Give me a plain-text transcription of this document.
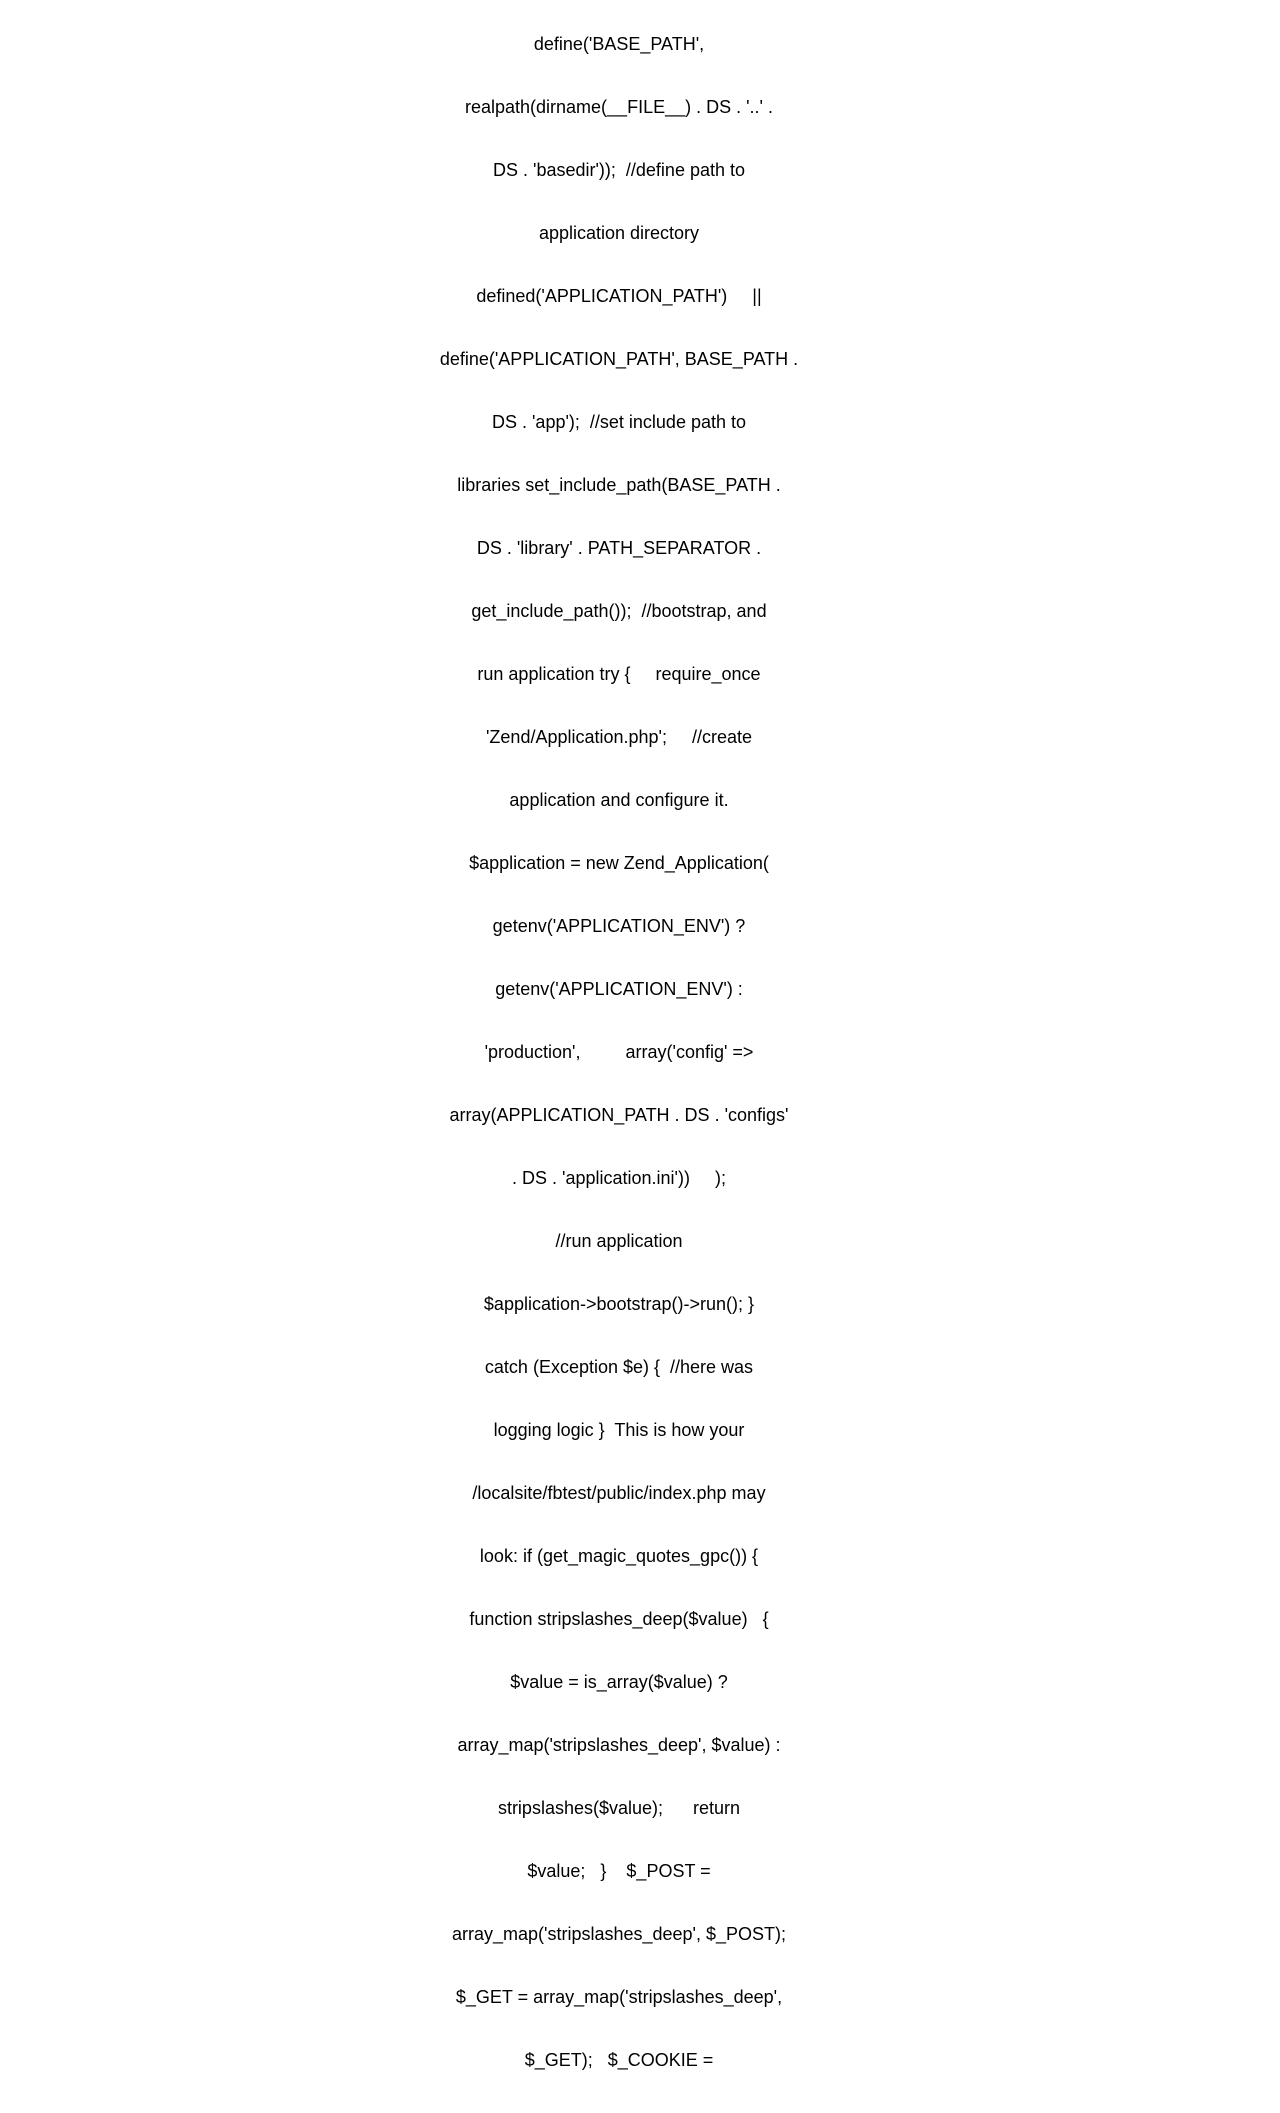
define('BASE_PATH',

realpath(dirname(__FILE__) . DS . '..' .

DS . 'basedir'));  //define path to

application directory

defined('APPLICATION_PATH')     ||

define('APPLICATION_PATH', BASE_PATH .

DS . 'app');  //set include path to

libraries set_include_path(BASE_PATH .

DS . 'library' . PATH_SEPARATOR .

get_include_path());  //bootstrap, and

run application try {     require_once

'Zend/Application.php';     //create

application and configure it.

$application = new Zend_Application(

getenv('APPLICATION_ENV') ?

getenv('APPLICATION_ENV') :

'production',         array('config' =>

array(APPLICATION_PATH . DS . 'configs'

. DS . 'application.ini'))     );

//run application

$application->bootstrap()->run(); }

catch (Exception $e) {  //here was

logging logic }  This is how your

/localsite/fbtest/public/index.php may

look: if (get_magic_quotes_gpc()) {

function stripslashes_deep($value)   {

$value = is_array($value) ?

array_map('stripslashes_deep', $value) :

stripslashes($value);      return

$value;   }    $_POST =

array_map('stripslashes_deep', $_POST);

$_GET = array_map('stripslashes_deep',

$_GET);   $_COOKIE =
